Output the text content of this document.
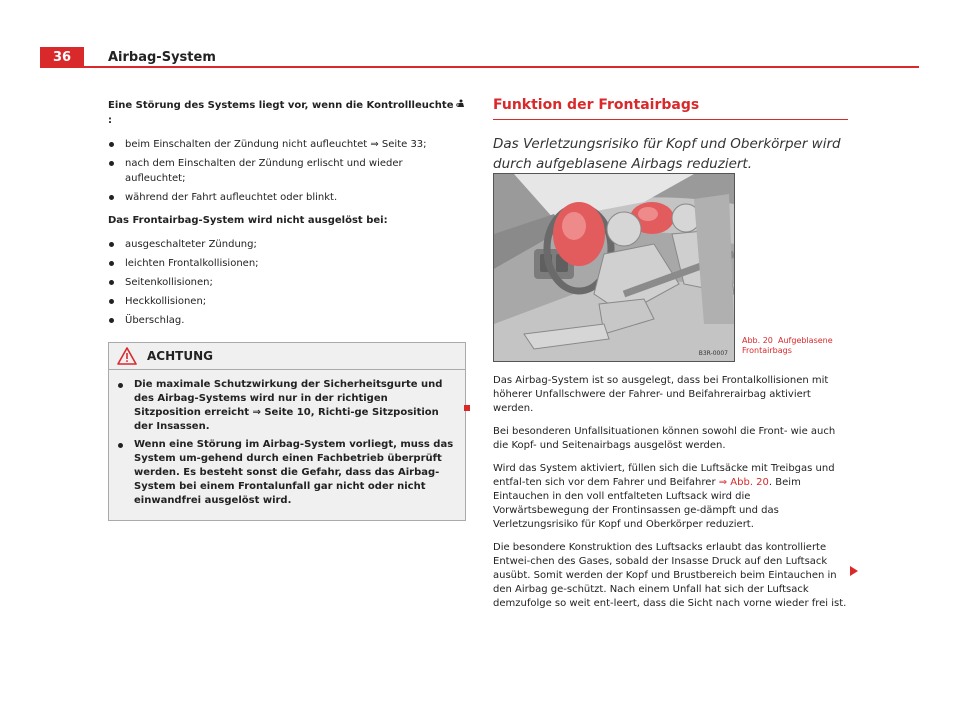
36	Airbag-System

Eine Störung des Systems liegt vor, wenn die Kontrollleuchte:

beim Einschalten der Zündung nicht aufleuchtet ⇒ Seite 33;
nach dem Einschalten der Zündung erlischt und wieder aufleuchtet;
während der Fahrt aufleuchtet oder blinkt.

Das Frontairbag-System wird nicht ausgelöst bei:

ausgeschalteter Zündung;
leichten Frontalkollisionen;
Seitenkollisionen;
Heckkollisionen;
Überschlag.
ACHTUNG
Die maximale Schutzwirkung der Sicherheitsgurte und des Airbag-Systems wird nur in der richtigen Sitzposition erreicht ⇒ Seite 10, Richti-ge Sitzposition der Insassen.
Wenn eine Störung im Airbag-System vorliegt, muss das System um-gehend durch einen Fachbetrieb überprüft werden. Es besteht sonst die Gefahr, dass das Airbag-System bei einem Frontalunfall gar nicht oder nicht einwandfrei ausgelöst wird.
Funktion der Frontairbags

Das Verletzungsrisiko für Kopf und Oberkörper wird durch aufgeblasene Airbags reduziert.

B3R-0007
Abb. 20 Aufgeblasene Frontairbags

Das Airbag-System ist so ausgelegt, dass bei Frontalkollisionen mit höherer Unfallschwere der Fahrer- und Beifahrerairbag aktiviert werden.

Bei besonderen Unfallsituationen können sowohl die Front- wie auch die Kopf- und Seitenairbags ausgelöst werden.

Wird das System aktiviert, füllen sich die Luftsäcke mit Treibgas und entfal-ten sich vor dem Fahrer und Beifahrer ⇒ Abb. 20. Beim Eintauchen in den voll entfalteten Luftsack wird die Vorwärtsbewegung der Frontinsassen ge-dämpft und das Verletzungsrisiko für Kopf und Oberkörper reduziert.

Die besondere Konstruktion des Luftsacks erlaubt das kontrollierte Entwei-chen des Gases, sobald der Insasse Druck auf den Luftsack ausübt. Somit werden der Kopf und Brustbereich beim Eintauchen in den Airbag ge-schützt. Nach einem Unfall hat sich der Luftsack demzufolge so weit ent-leert, dass die Sicht nach vorne wieder frei ist.
